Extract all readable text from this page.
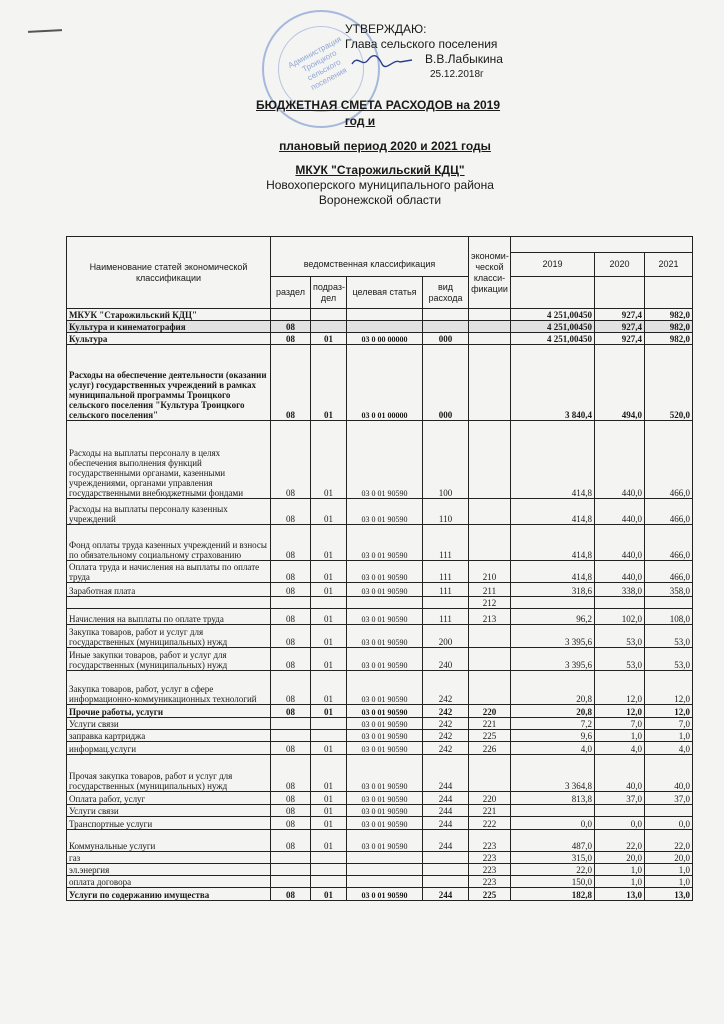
Администрация Троицкого сельского поселения
УТВЕРЖДАЮ:
Глава сельского поселения
В.В.Лабыкина
25.12.2018г
БЮДЖЕТНАЯ СМЕТА РАСХОДОВ на 2019
год и
плановый период 2020 и 2021 годы
МКУК "Старожильский КДЦ"
Новохоперского муниципального района
Воронежской области
Наименование статей экономической классификации					экономи- ческой класси- фикации			
	ведомственная классификация					2019	2020	2021
	раздел	подраз- дел	целевая статья	вид расхода				
МКУК "Старожильский КДЦ"						4 251,00450	927,4	982,0
Культура и кинематография	08					4 251,00450	927,4	982,0
Культура	08	01	03 0 00 00000	000		4 251,00450	927,4	982,0
Расходы на обеспечение деятельности (оказании услуг) государственных учреждений в рамках муниципальной программы Троицкого сельского поселения "Культура Троицкого сельского поселения"	08	01	03 0 01 00000	000		3 840,4	494,0	520,0
Расходы на выплаты персоналу в целях обеспечения выполнения функций государственными органами, казенными учреждениями, органами управления государственными внебюджетными фондами	08	01	03 0 01 90590	100		414,8	440,0	466,0
Расходы на выплаты персоналу казенных учреждений	08	01	03 0 01 90590	110		414,8	440,0	466,0
Фонд оплаты труда казенных учреждений и взносы по обязательному социальному страхованию	08	01	03 0 01 90590	111		414,8	440,0	466,0
Оплата труда и начисления на выплаты по оплате труда	08	01	03 0 01 90590	111	210	414,8	440,0	466,0
Заработная плата	08	01	03 0 01 90590	111	211	318,6	338,0	358,0
					212			
Начисления на выплаты по оплате труда	08	01	03 0 01 90590	111	213	96,2	102,0	108,0
Закупка товаров, работ и услуг для государственных (муниципальных) нужд	08	01	03 0 01 90590	200		3 395,6	53,0	53,0
Иные закупки товаров, работ и услуг для государственных (муниципальных) нужд	08	01	03 0 01 90590	240		3 395,6	53,0	53,0
Закупка товаров, работ, услуг в сфере информационно-коммуникационных технологий	08	01	03 0 01 90590	242		20,8	12,0	12,0
Прочие работы, услуги	08	01	03 0 01 90590	242	220	20,8	12,0	12,0
Услуги связи			03 0 01 90590	242	221	7,2	7,0	7,0
заправка картриджа			03 0 01 90590	242	225	9,6	1,0	1,0
информац.услуги	08	01	03 0 01 90590	242	226	4,0	4,0	4,0
Прочая закупка товаров, работ и услуг для государственных (муниципальных) нужд	08	01	03 0 01 90590	244		3 364,8	40,0	40,0
Оплата работ, услуг	08	01	03 0 01 90590	244	220	813,8	37,0	37,0
Услуги связи	08	01	03 0 01 90590	244	221			
Транспортные услуги	08	01	03 0 01 90590	244	222	0,0	0,0	0,0
Коммунальные услуги	08	01	03 0 01 90590	244	223	487,0	22,0	22,0
газ					223	315,0	20,0	20,0
эл.энергия					223	22,0	1,0	1,0
оплата договора					223	150,0	1,0	1,0
Услуги по содержанию имущества	08	01	03 0 01 90590	244	225	182,8	13,0	13,0
